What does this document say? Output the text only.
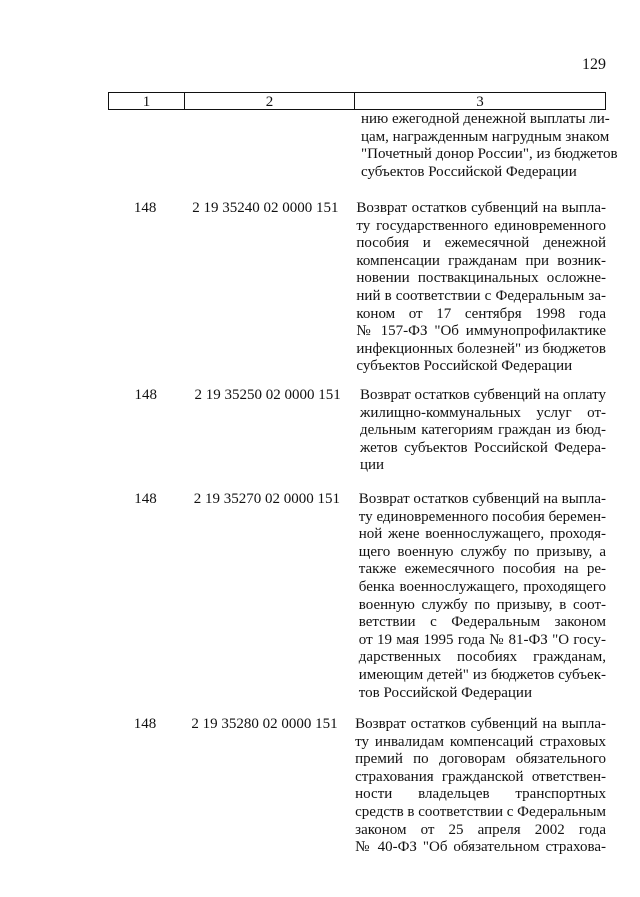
129
1	2	3
нию ежегодной денежной выплаты ли-
цам, награжденным нагрудным знаком
"Почетный донор России", из бюджетов
субъектов Российской Федерации
148	2 19 35240 02 0000 151	Возврат остатков субвенций на выпла-
ту государственного единовременного
пособия и ежемесячной денежной
компенсации гражданам при возник-
новении поствакцинальных осложне-
ний в соответствии с Федеральным за-
коном от 17 сентября 1998 года
№ 157-ФЗ "Об иммунопрофилактике
инфекционных болезней" из бюджетов
субъектов Российской Федерации
148	2 19 35250 02 0000 151	Возврат остатков субвенций на оплату
жилищно-коммунальных услуг от-
дельным категориям граждан из бюд-
жетов субъектов Российской Федера-
ции
148	2 19 35270 02 0000 151	Возврат остатков субвенций на выпла-
ту единовременного пособия беремен-
ной жене военнослужащего, проходя-
щего военную службу по призыву, а
также ежемесячного пособия на ре-
бенка военнослужащего, проходящего
военную службу по призыву, в соот-
ветствии с Федеральным законом
от 19 мая 1995 года № 81-ФЗ "О госу-
дарственных пособиях гражданам,
имеющим детей" из бюджетов субъек-
тов Российской Федерации
148	2 19 35280 02 0000 151	Возврат остатков субвенций на выпла-
ту инвалидам компенсаций страховых
премий по договорам обязательного
страхования гражданской ответствен-
ности владельцев транспортных
средств в соответствии с Федеральным
законом от 25 апреля 2002 года
№ 40-ФЗ "Об обязательном страхова-
